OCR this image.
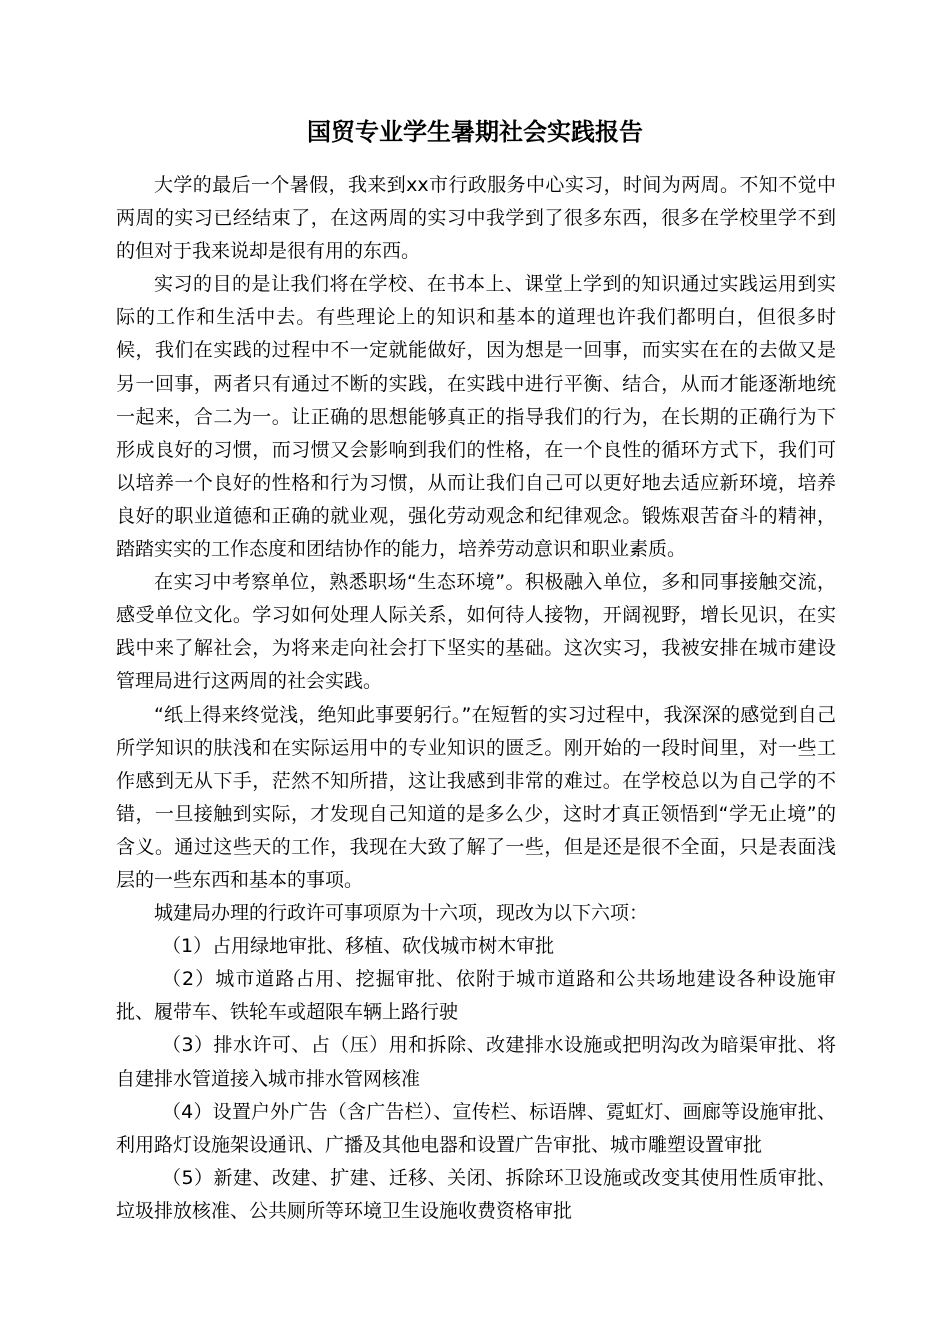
国贸专业学生暑期社会实践报告

大学的最后一个暑假，我来到xx市行政服务中心实习，时间为两周。不知不觉中两周的实习已经结束了，在这两周的实习中我学到了很多东西，很多在学校里学不到的但对于我来说却是很有用的东西。

实习的目的是让我们将在学校、在书本上、课堂上学到的知识通过实践运用到实际的工作和生活中去。有些理论上的知识和基本的道理也许我们都明白，但很多时候，我们在实践的过程中不一定就能做好，因为想是一回事，而实实在在的去做又是另一回事，两者只有通过不断的实践，在实践中进行平衡、结合，从而才能逐渐地统一起来，合二为一。让正确的思想能够真正的指导我们的行为，在长期的正确行为下形成良好的习惯，而习惯又会影响到我们的性格，在一个良性的循环方式下，我们可以培养一个良好的性格和行为习惯，从而让我们自己可以更好地去适应新环境，培养良好的职业道德和正确的就业观，强化劳动观念和纪律观念。锻炼艰苦奋斗的精神，踏踏实实的工作态度和团结协作的能力，培养劳动意识和职业素质。

在实习中考察单位，熟悉职场“生态环境”。积极融入单位，多和同事接触交流，感受单位文化。学习如何处理人际关系，如何待人接物，开阔视野，增长见识，在实践中来了解社会，为将来走向社会打下坚实的基础。这次实习，我被安排在城市建设管理局进行这两周的社会实践。

“纸上得来终觉浅，绝知此事要躬行。”在短暂的实习过程中，我深深的感觉到自己所学知识的肤浅和在实际运用中的专业知识的匮乏。刚开始的一段时间里，对一些工作感到无从下手，茫然不知所措，这让我感到非常的难过。在学校总以为自己学的不错，一旦接触到实际，才发现自己知道的是多么少，这时才真正领悟到“学无止境”的含义。通过这些天的工作，我现在大致了解了一些，但是还是很不全面，只是表面浅层的一些东西和基本的事项。

城建局办理的行政许可事项原为十六项，现改为以下六项：

（1）占用绿地审批、移植、砍伐城市树木审批

（2）城市道路占用、挖掘审批、依附于城市道路和公共场地建设各种设施审批、履带车、铁轮车或超限车辆上路行驶

（3）排水许可、占（压）用和拆除、改建排水设施或把明沟改为暗渠审批、将自建排水管道接入城市排水管网核准

（4）设置户外广告（含广告栏）、宣传栏、标语牌、霓虹灯、画廊等设施审批、利用路灯设施架设通讯、广播及其他电器和设置广告审批、城市雕塑设置审批

（5）新建、改建、扩建、迁移、关闭、拆除环卫设施或改变其使用性质审批、垃圾排放核准、公共厕所等环境卫生设施收费资格审批
